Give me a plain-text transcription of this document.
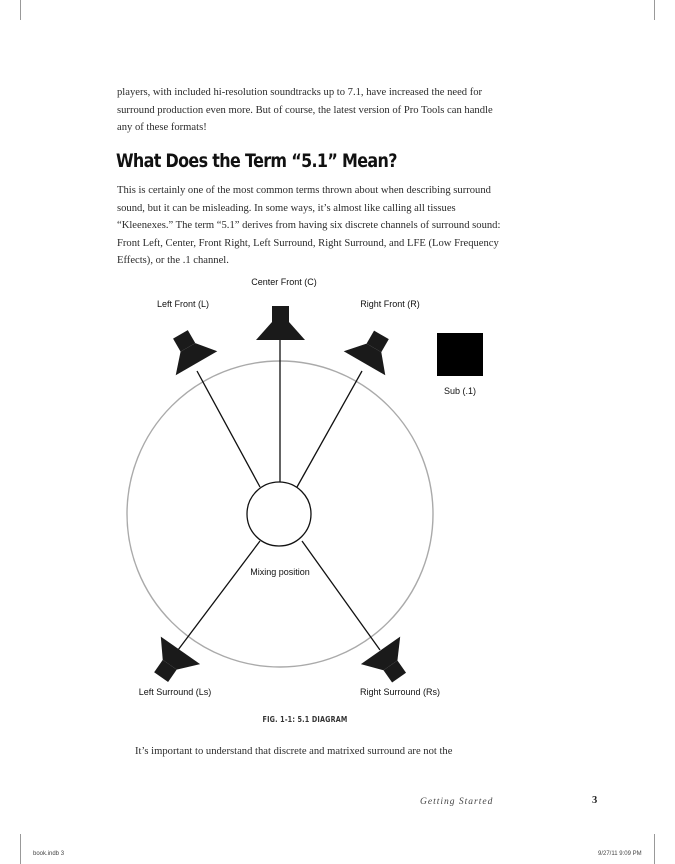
players, with included hi-resolution soundtracks up to 7.1, have increased the need for surround production even more. But of course, the latest version of Pro Tools can handle any of these formats!

What Does the Term “5.1” Mean?

This is certainly one of the most common terms thrown about when describing surround sound, but it can be misleading. In some ways, it’s almost like calling all tissues “Kleenexes.” The term “5.1” derives from having six discrete channels of surround sound: Front Left, Center, Front Right, Left Surround, Right Surround, and LFE (Low Frequency Effects), or the .1 channel.

Mixing position
Center Front (C)
Left Front (L)	Right Front (R)
Sub (.1)
Left Surround (Ls)	Right Surround (Rs)
FIG. 1-1: 5.1 DIAGRAM

It’s important to understand that discrete and matrixed surround are not the

Getting Started	3
book.indb 3	9/27/11 9:09 PM
